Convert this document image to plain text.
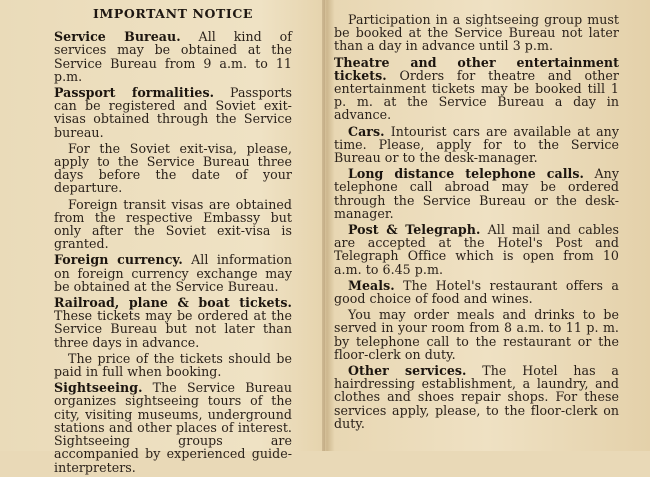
IMPORTANT NOTICE

Service Bureau. All kind of services may be obtained at the Service Bureau from 9 a.m. to 11 p.m.

Passport formalities. Passports can be registered and Soviet exit-visas obtained through the Service bureau.

For the Soviet exit-visa, please, apply to the Service Bureau three days before the date of your departure.

Foreign transit visas are obtained from the respective Embassy but only after the Soviet exit-visa is granted.

Foreign currency. All information on foreign currency exchange may be obtained at the Service Bureau.

Railroad, plane & boat tickets. These tickets may be ordered at the Service Bureau but not later than three days in advance.

The price of the tickets should be paid in full when booking.

Sightseeing. The Service Bureau organizes sightseeing tours of the city, visiting museums, underground stations and other places of interest. Sightseeing groups are accompanied by experienced guide-interpreters.

Participation in a sightseeing group must be booked at the Service Bureau not later than a day in advance until 3 p.m.

Theatre and other entertainment tickets. Orders for theatre and other entertainment tickets may be booked till 1 p. m. at the Service Bureau a day in advance.

Cars. Intourist cars are available at any time. Please, apply for to the Service Bureau or to the desk-manager.

Long distance telephone calls. Any telephone call abroad may be ordered through the Service Bureau or the desk-manager.

Post & Telegraph. All mail and cables are accepted at the Hotel's Post and Telegraph Office which is open from 10 a.m. to 6.45 p.m.

Meals. The Hotel's restaurant offers a good choice of food and wines.

You may order meals and drinks to be served in your room from 8 a.m. to 11 p. m. by telephone call to the restaurant or the floor-clerk on duty.

Other services. The Hotel has a hairdressing establishment, a laundry, and clothes and shoes repair shops. For these services apply, please, to the floor-clerk on duty.
